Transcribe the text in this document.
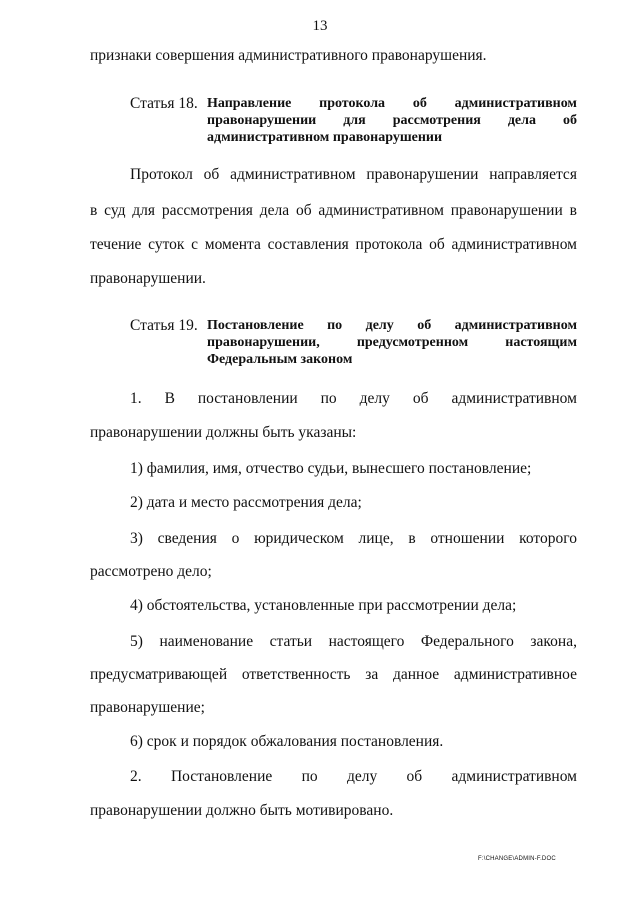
13
признаки совершения административного правонарушения.
Статья 18. Направление протокола об административном
правонарушении для рассмотрения дела об
административном правонарушении
Протокол об административном правонарушении направляется
в суд для рассмотрения дела об административном правонарушении в
течение суток с момента составления протокола об административном
правонарушении.
Статья 19. Постановление по делу об административном
правонарушении,	предусмотренном	настоящим
Федеральным законом
1. В постановлении по делу об административном
правонарушении должны быть указаны:
1) фамилия, имя, отчество судьи, вынесшего постановление;
2) дата и место рассмотрения дела;
3) сведения о юридическом лице, в отношении которого
рассмотрено дело;
4) обстоятельства, установленные при рассмотрении дела;
5) наименование статьи настоящего Федерального закона,
предусматривающей ответственность за данное административное
правонарушение;
6) срок и порядок обжалования постановления.
2. Постановление по делу об административном
правонарушении должно быть мотивировано.
F:\CHANGE\ADMIN-F.DOC
